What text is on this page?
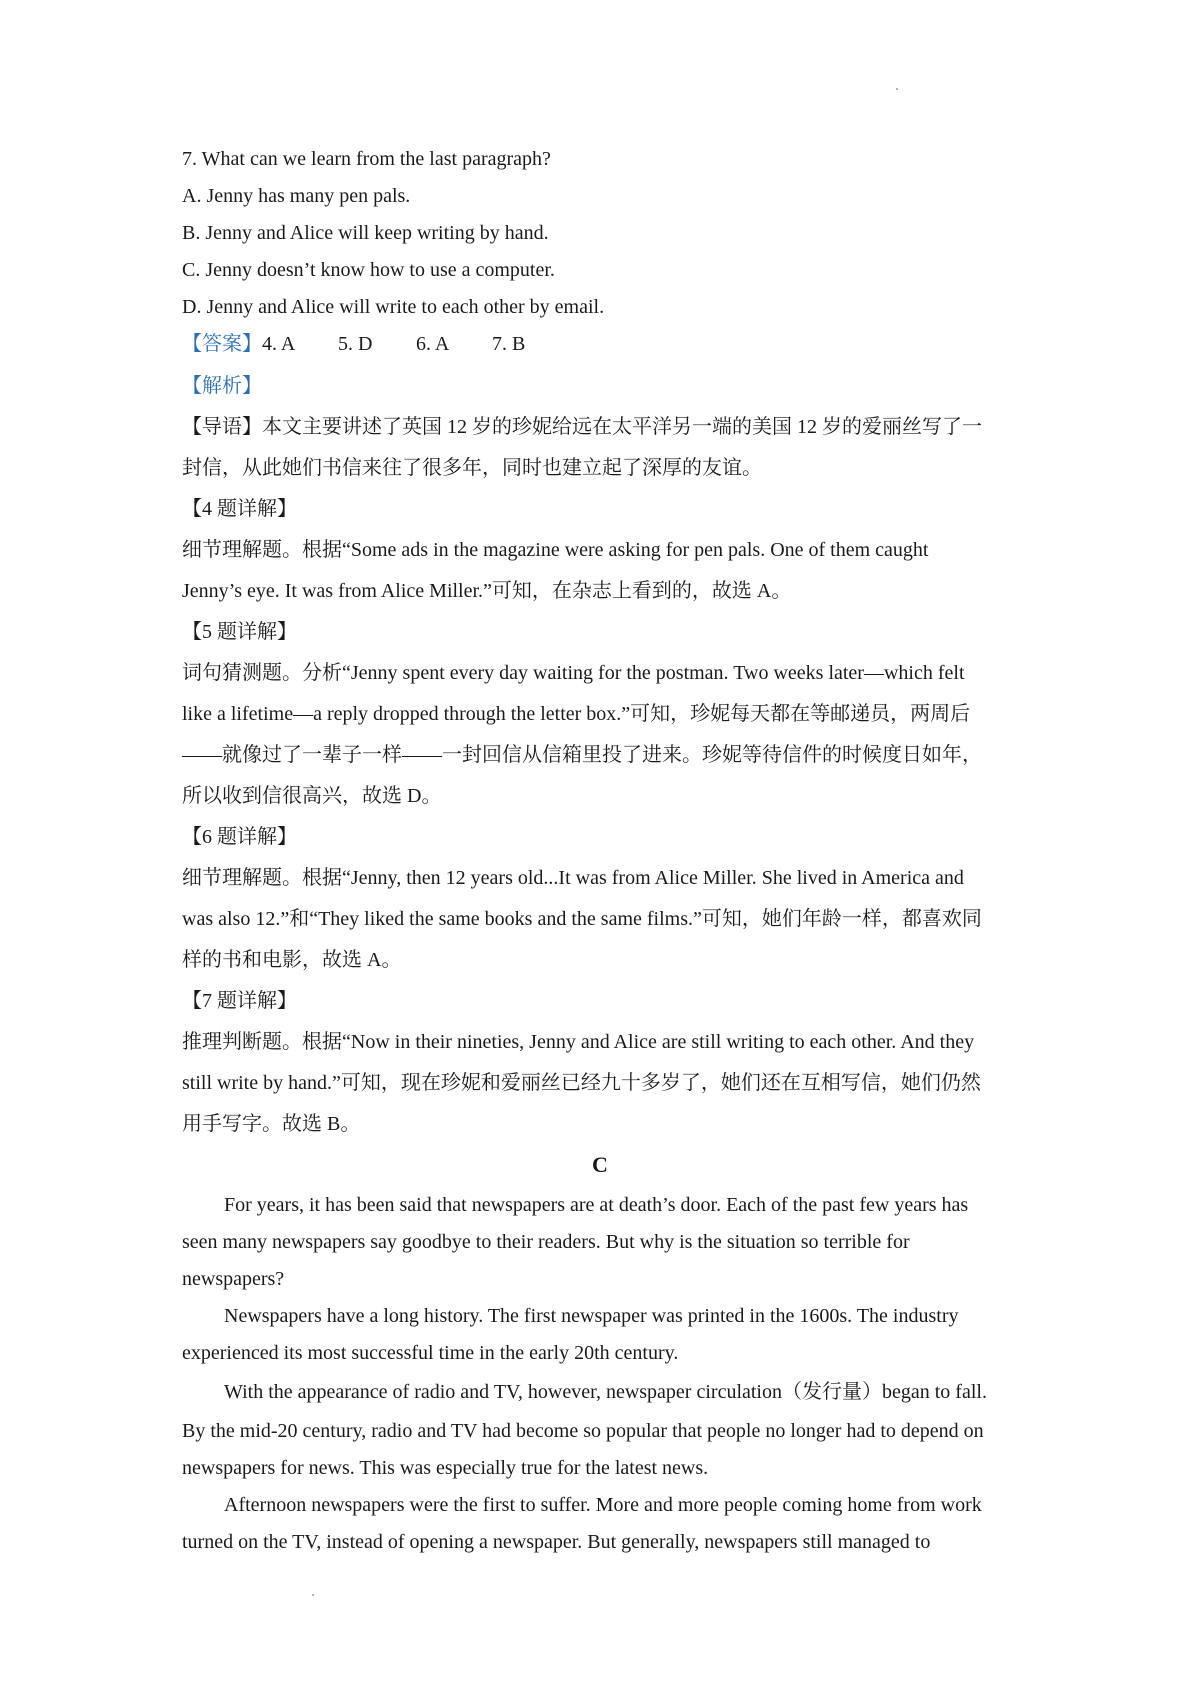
7. What can we learn from the last paragraph?
A. Jenny has many pen pals.
B. Jenny and Alice will keep writing by hand.
C. Jenny doesn’t know how to use a computer.
D. Jenny and Alice will write to each other by email.
【答案】4. A 5. D 6. A 7. B
【解析】
【导语】本文主要讲述了英国 12 岁的珍妮给远在太平洋另一端的美国 12 岁的爱丽丝写了一
封信，从此她们书信来往了很多年，同时也建立起了深厚的友谊。
【4 题详解】
细节理解题。根据“Some ads in the magazine were asking for pen pals. One of them caught
Jenny’s eye. It was from Alice Miller.”可知，在杂志上看到的，故选 A。
【5 题详解】
词句猜测题。分析“Jenny spent every day waiting for the postman. Two weeks later—which felt
like a lifetime—a reply dropped through the letter box.”可知，珍妮每天都在等邮递员，两周后
——就像过了一辈子一样——一封回信从信箱里投了进来。珍妮等待信件的时候度日如年，
所以收到信很高兴，故选 D。
【6 题详解】
细节理解题。根据“Jenny, then 12 years old...It was from Alice Miller. She lived in America and
was also 12.”和“They liked the same books and the same films.”可知，她们年龄一样，都喜欢同
样的书和电影，故选 A。
【7 题详解】
推理判断题。根据“Now in their nineties, Jenny and Alice are still writing to each other. And they
still write by hand.”可知，现在珍妮和爱丽丝已经九十多岁了，她们还在互相写信，她们仍然
用手写字。故选 B。
C
For years, it has been said that newspapers are at death’s door. Each of the past few years has
seen many newspapers say goodbye to their readers. But why is the situation so terrible for
newspapers?
Newspapers have a long history. The first newspaper was printed in the 1600s. The industry
experienced its most successful time in the early 20th century.
With the appearance of radio and TV, however, newspaper circulation（发行量）began to fall.
By the mid-20 century, radio and TV had become so popular that people no longer had to depend on
newspapers for news. This was especially true for the latest news.
Afternoon newspapers were the first to suffer. More and more people coming home from work
turned on the TV, instead of opening a newspaper. But generally, newspapers still managed to
